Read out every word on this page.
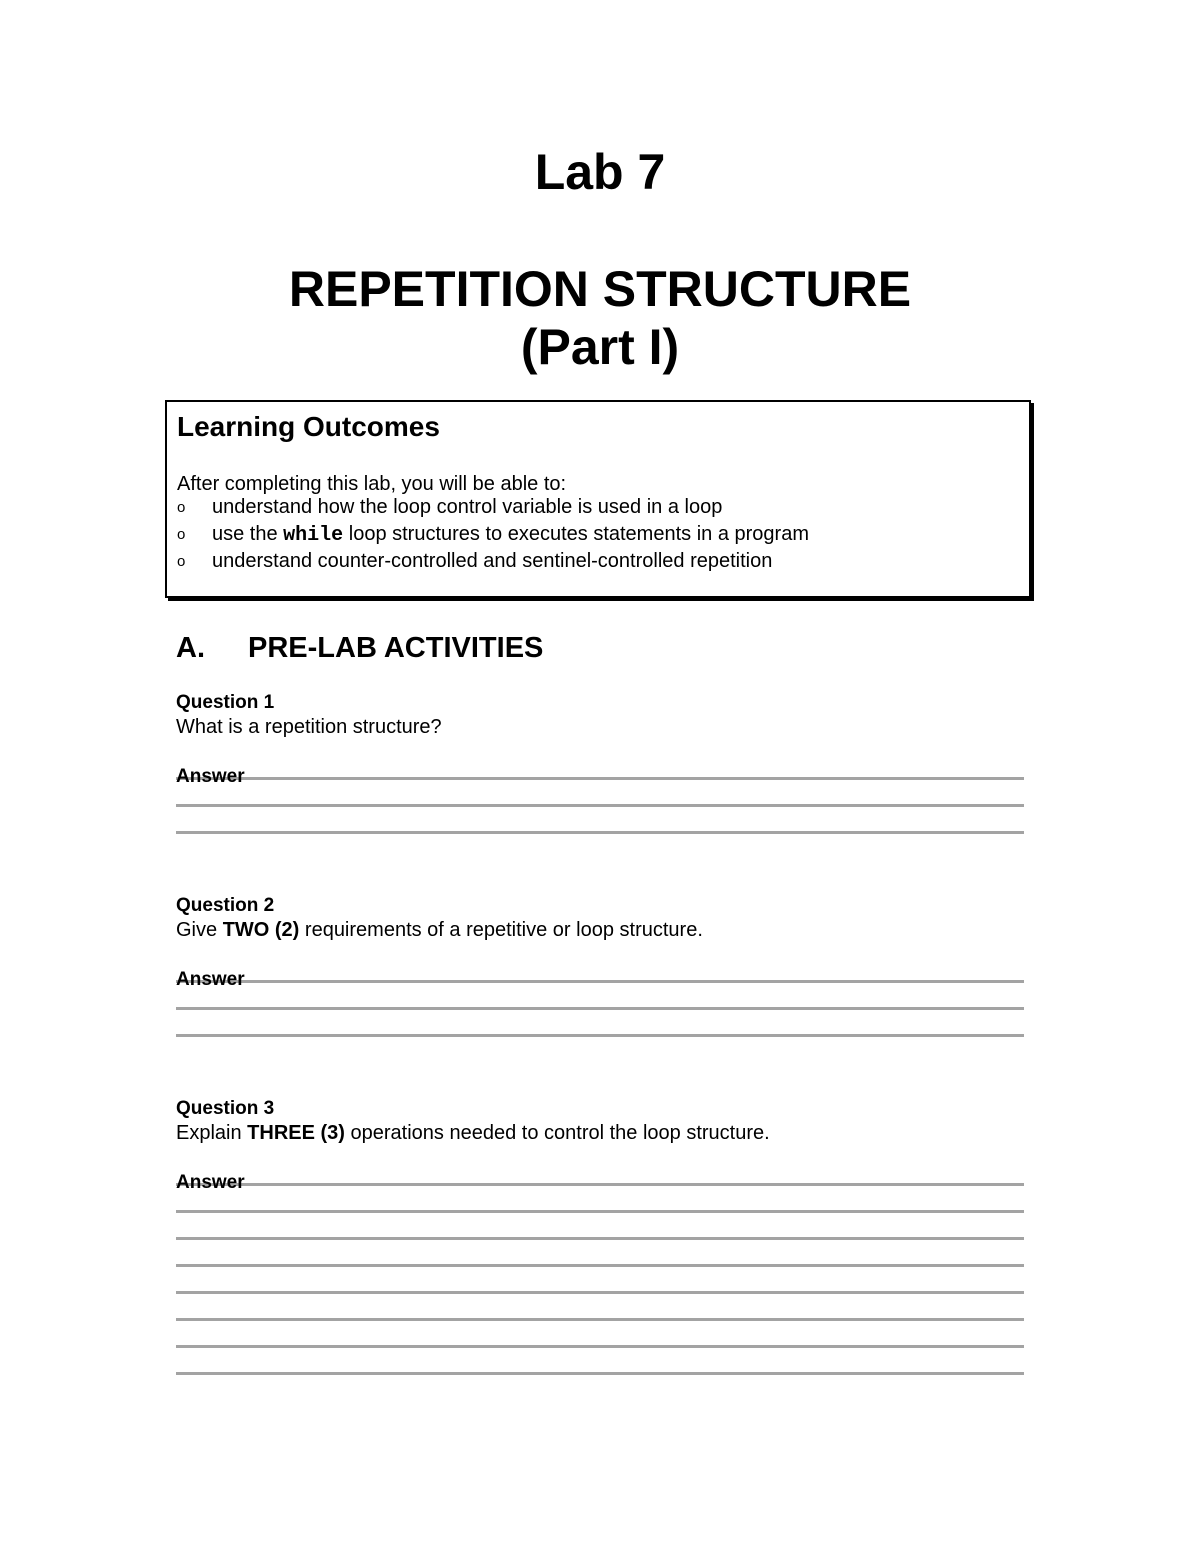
Lab 7
REPETITION STRUCTURE
(Part I)
Learning Outcomes
After completing this lab, you will be able to:
o	understand how the loop control variable is used in a loop
o	use the while loop structures to executes statements in a program
o	understand counter-controlled and sentinel-controlled repetition
A. PRE-LAB ACTIVITIES
Question 1
What is a repetition structure?
Answer
Question 2
Give TWO (2) requirements of a repetitive or loop structure.
Answer
Question 3
Explain THREE (3) operations needed to control the loop structure.
Answer
